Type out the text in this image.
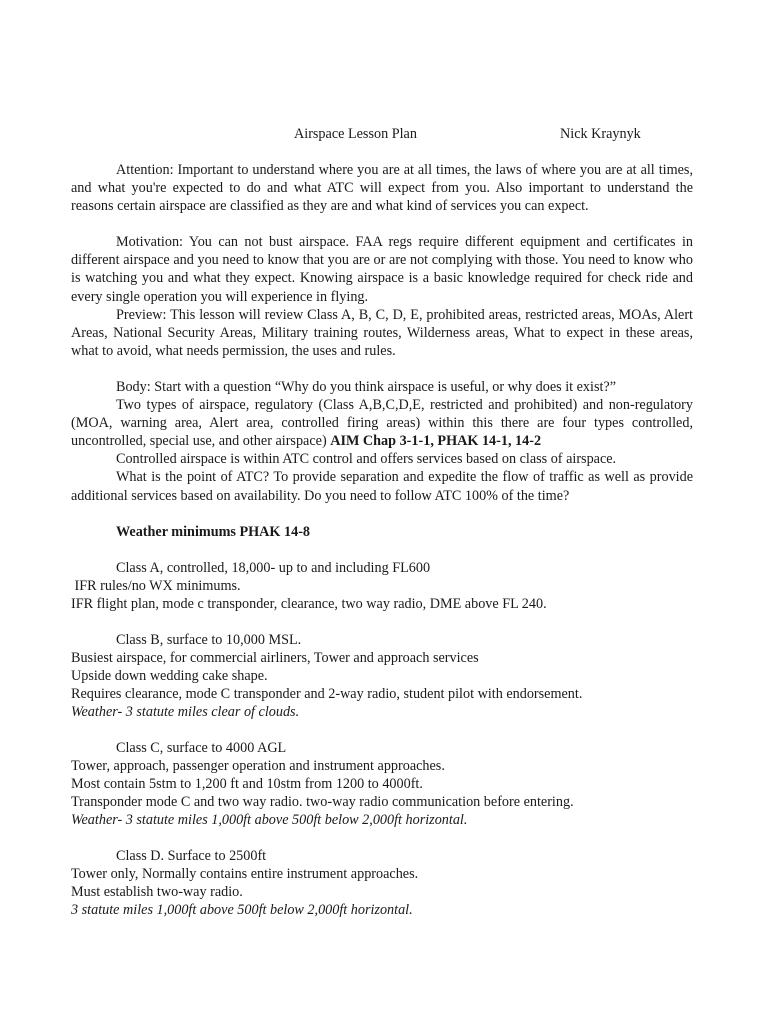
Airspace Lesson Plan	Nick Kraynyk

Attention: Important to understand where you are at all times, the laws of where you are at all times, and what you're expected to do and what ATC will expect from you. Also important to understand the reasons certain airspace are classified as they are and what kind of services you can expect.

Motivation: You can not bust airspace. FAA regs require different equipment and certificates in different airspace and you need to know that you are or are not complying with those. You need to know who is watching you and what they expect. Knowing airspace is a basic knowledge required for check ride and every single operation you will experience in flying.

Preview: This lesson will review Class A, B, C, D, E, prohibited areas, restricted areas, MOAs, Alert Areas, National Security Areas, Military training routes, Wilderness areas, What to expect in these areas, what to avoid, what needs permission, the uses and rules.

Body: Start with a question “Why do you think airspace is useful, or why does it exist?”

Two types of airspace, regulatory (Class A,B,C,D,E, restricted and prohibited) and non-regulatory (MOA, warning area, Alert area, controlled firing areas) within this there are four types controlled, uncontrolled, special use, and other airspace) AIM Chap 3-1-1, PHAK 14-1, 14-2

Controlled airspace is within ATC control and offers services based on class of airspace.

What is the point of ATC? To provide separation and expedite the flow of traffic as well as provide additional services based on availability. Do you need to follow ATC 100% of the time?

Weather minimums PHAK 14-8

Class A, controlled, 18,000- up to and including FL600

IFR rules/no WX minimums.

IFR flight plan, mode c transponder, clearance, two way radio, DME above FL 240.

Class B, surface to 10,000 MSL.

Busiest airspace, for commercial airliners, Tower and approach services

Upside down wedding cake shape.

Requires clearance, mode C transponder and 2-way radio, student pilot with endorsement.

Weather- 3 statute miles clear of clouds.

Class C, surface to 4000 AGL

Tower, approach, passenger operation and instrument approaches.

Most contain 5stm to 1,200 ft and 10stm from 1200 to 4000ft.

Transponder mode C and two way radio. two-way radio communication before entering.

Weather- 3 statute miles 1,000ft above 500ft below 2,000ft horizontal.

Class D. Surface to 2500ft

Tower only, Normally contains entire instrument approaches.

Must establish two-way radio.

3 statute miles 1,000ft above 500ft below 2,000ft horizontal.
